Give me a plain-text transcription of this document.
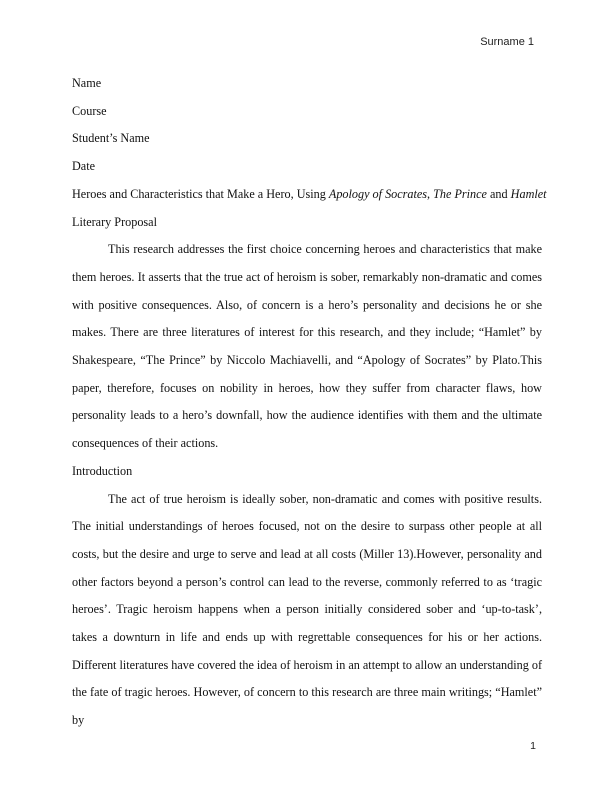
Surname 1

Name

Course

Student’s Name

Date

Heroes and Characteristics that Make a Hero, Using Apology of Socrates, The Prince and Hamlet

Literary Proposal

This research addresses the first choice concerning heroes and characteristics that make them heroes. It asserts that the true act of heroism is sober, remarkably non-dramatic and comes with positive consequences. Also, of concern is a hero’s personality and decisions he or she makes. There are three literatures of interest for this research, and they include; “Hamlet” by Shakespeare, “The Prince” by Niccolo Machiavelli, and “Apology of Socrates” by Plato.This paper, therefore, focuses on nobility in heroes, how they suffer from character flaws, how personality leads to a hero’s downfall, how the audience identifies with them and the ultimate consequences of their actions.

Introduction

The act of true heroism is ideally sober, non-dramatic and comes with positive results. The initial understandings of heroes focused, not on the desire to surpass other people at all costs, but the desire and urge to serve and lead at all costs (Miller 13).However, personality and other factors beyond a person’s control can lead to the reverse, commonly referred to as ‘tragic heroes’. Tragic heroism happens when a person initially considered sober and ‘up-to-task’, takes a downturn in life and ends up with regrettable consequences for his or her actions. Different literatures have covered the idea of heroism in an attempt to allow an understanding of the fate of tragic heroes. However, of concern to this research are three main writings; “Hamlet” by

1
